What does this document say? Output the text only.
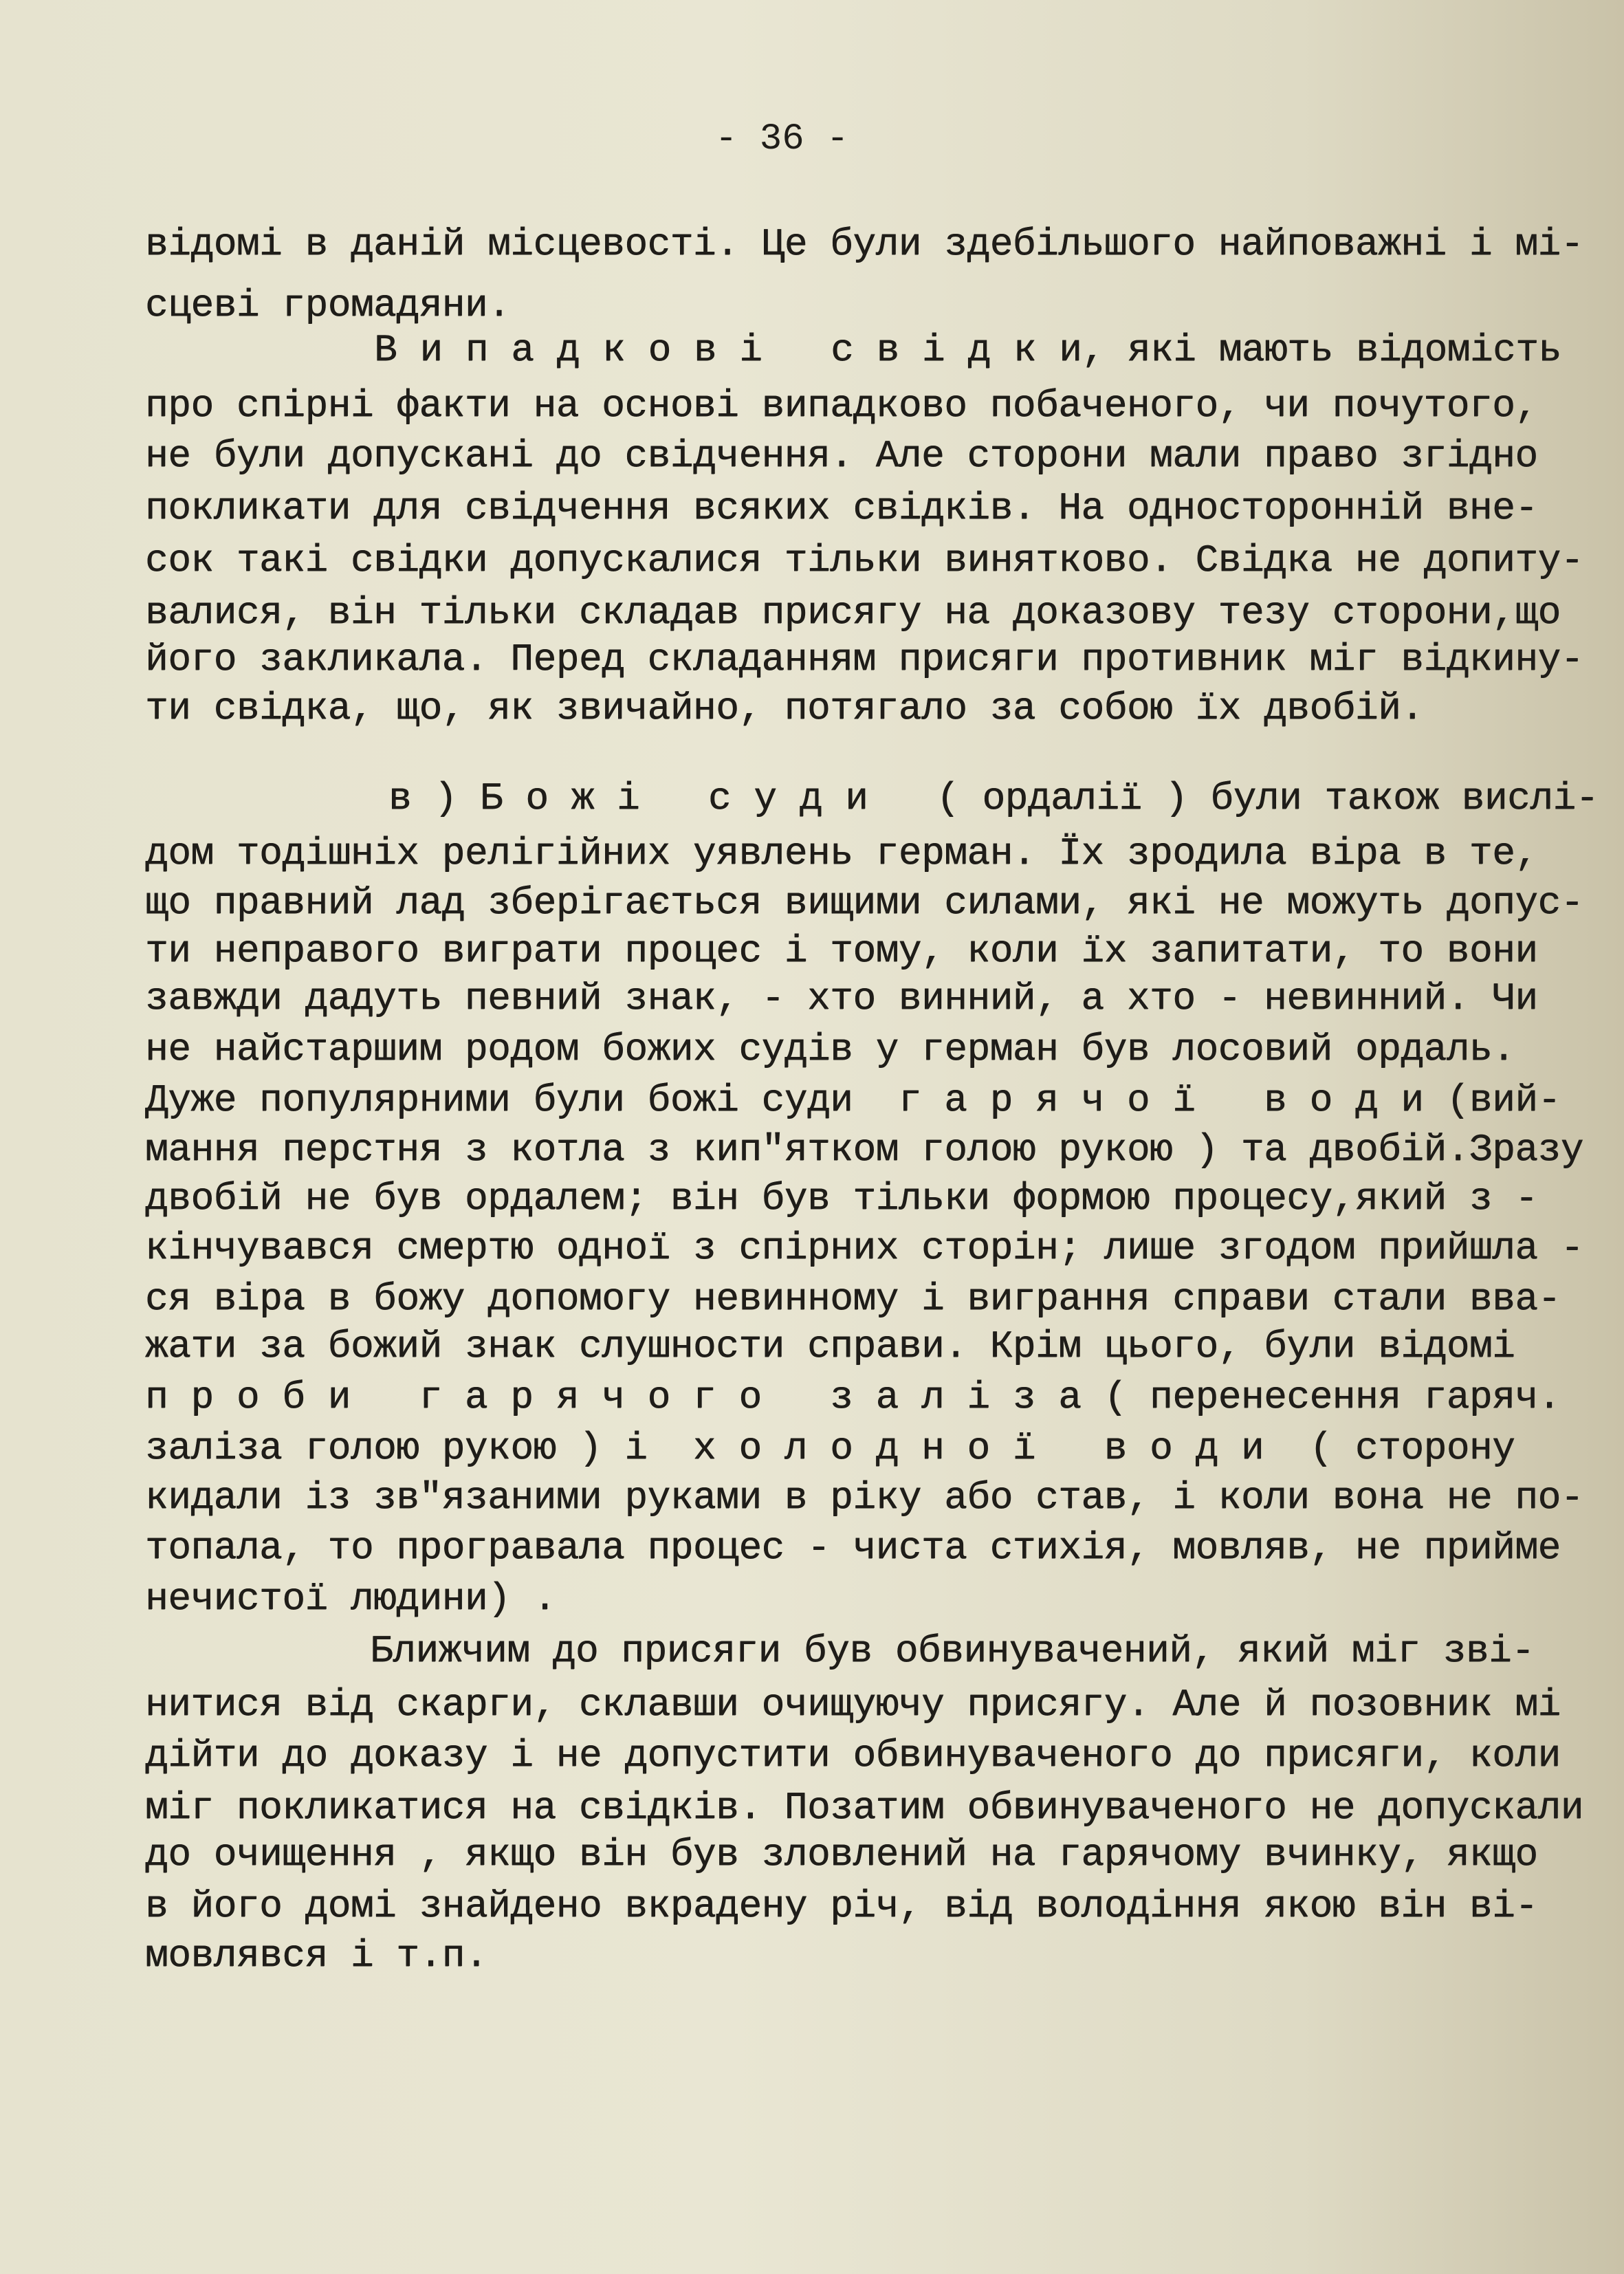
- 36 -
відомі в даній місцевості. Це були здебільшого найповажні і мі-
сцеві громадяни.
В и п а д к о в і   с в і д к и, які мають відомість
про спірні факти на основі випадково побаченого, чи почутого,
не були допускані до свідчення. Але сторони мали право згідно
покликати для свідчення всяких свідків. На односторонній вне-
сок такі свідки допускалися тільки винятково. Свідка не допиту-
валися, він тільки складав присягу на доказову тезу сторони,що
його закликала. Перед складанням присяги противник міг відкину-
ти свідка, що, як звичайно, потягало за собою їх двобій.
в ) Б о ж і   с у д и   ( ордалії ) були також вислі-
дом тодішніх релігійних уявлень герман. Їх зродила віра в те,
що правний лад зберігається вищими силами, які не можуть допус-
ти неправого виграти процес і тому, коли їх запитати, то вони
завжди дадуть певний знак, - хто винний, а хто - невинний. Чи
не найстаршим родом божих судів у герман був лосовий ордаль.
Дуже популярними були божі суди  г а р я ч о ї   в о д и (вий-
мання перстня з котла з кип"ятком голою рукою ) та двобій.Зразу
двобій не був ордалем; він був тільки формою процесу,який з -
кінчувався смертю одної з спірних сторін; лише згодом прийшла -
ся віра в божу допомогу невинному і виграння справи стали вва-
жати за божий знак слушности справи. Крім цього, були відомі
п р о б и   г а р я ч о г о   з а л і з а ( перенесення гаряч.
заліза голою рукою ) і  х о л о д н о ї   в о д и  ( сторону
кидали із зв"язаними руками в ріку або став, і коли вона не по-
топала, то програвала процес - чиста стихія, мовляв, не прийме
нечистої людини) .
Ближчим до присяги був обвинувачений, який міг зві-
нитися від скарги, склавши очищуючу присягу. Але й позовник мі
дійти до доказу і не допустити обвинуваченого до присяги, коли
міг покликатися на свідків. Позатим обвинуваченого не допускали
до очищення , якщо він був зловлений на гарячому вчинку, якщо
в його домі знайдено вкрадену річ, від володіння якою він ві-
мовлявся і т.п.
